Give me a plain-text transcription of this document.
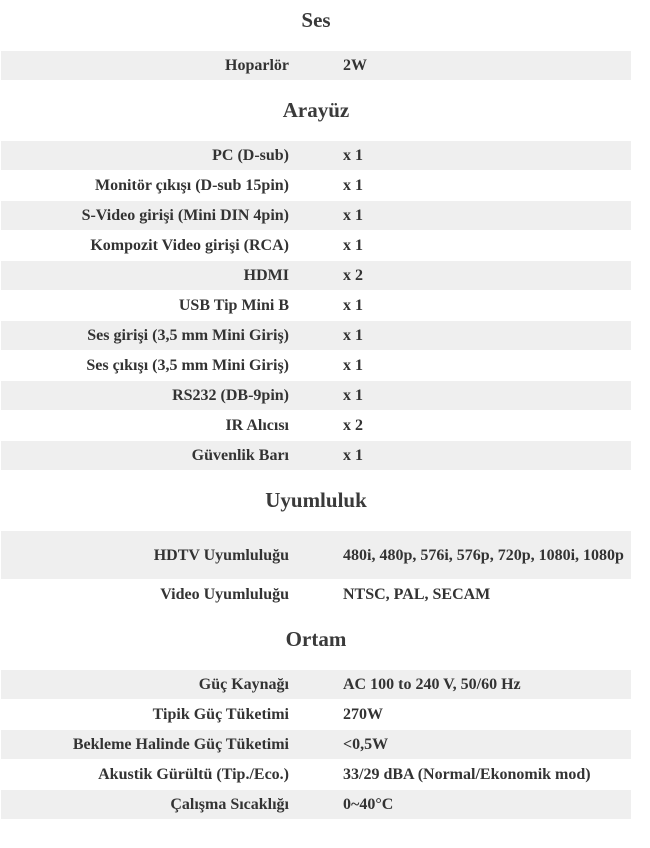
Ses
Hoparlör		2W
Arayüz
PC (D-sub)		x 1
Monitör çıkışı (D-sub 15pin)		x 1
S-Video girişi (Mini DIN 4pin)		x 1
Kompozit Video girişi (RCA)		x 1
HDMI		x 2
USB Tip Mini B		x 1
Ses girişi (3,5 mm Mini Giriş)		x 1
Ses çıkışı (3,5 mm Mini Giriş)		x 1
RS232 (DB-9pin)		x 1
IR Alıcısı		x 2
Güvenlik Barı		x 1
Uyumluluk
HDTV Uyumluluğu		480i, 480p, 576i, 576p, 720p, 1080i, 1080p
Video Uyumluluğu		NTSC, PAL, SECAM
Ortam
Güç Kaynağı		AC 100 to 240 V, 50/60 Hz
Tipik Güç Tüketimi		270W
Bekleme Halinde Güç Tüketimi		<0,5W
Akustik Gürültü (Tip./Eco.)		33/29 dBA (Normal/Ekonomik mod)
Çalışma Sıcaklığı		0~40°C
